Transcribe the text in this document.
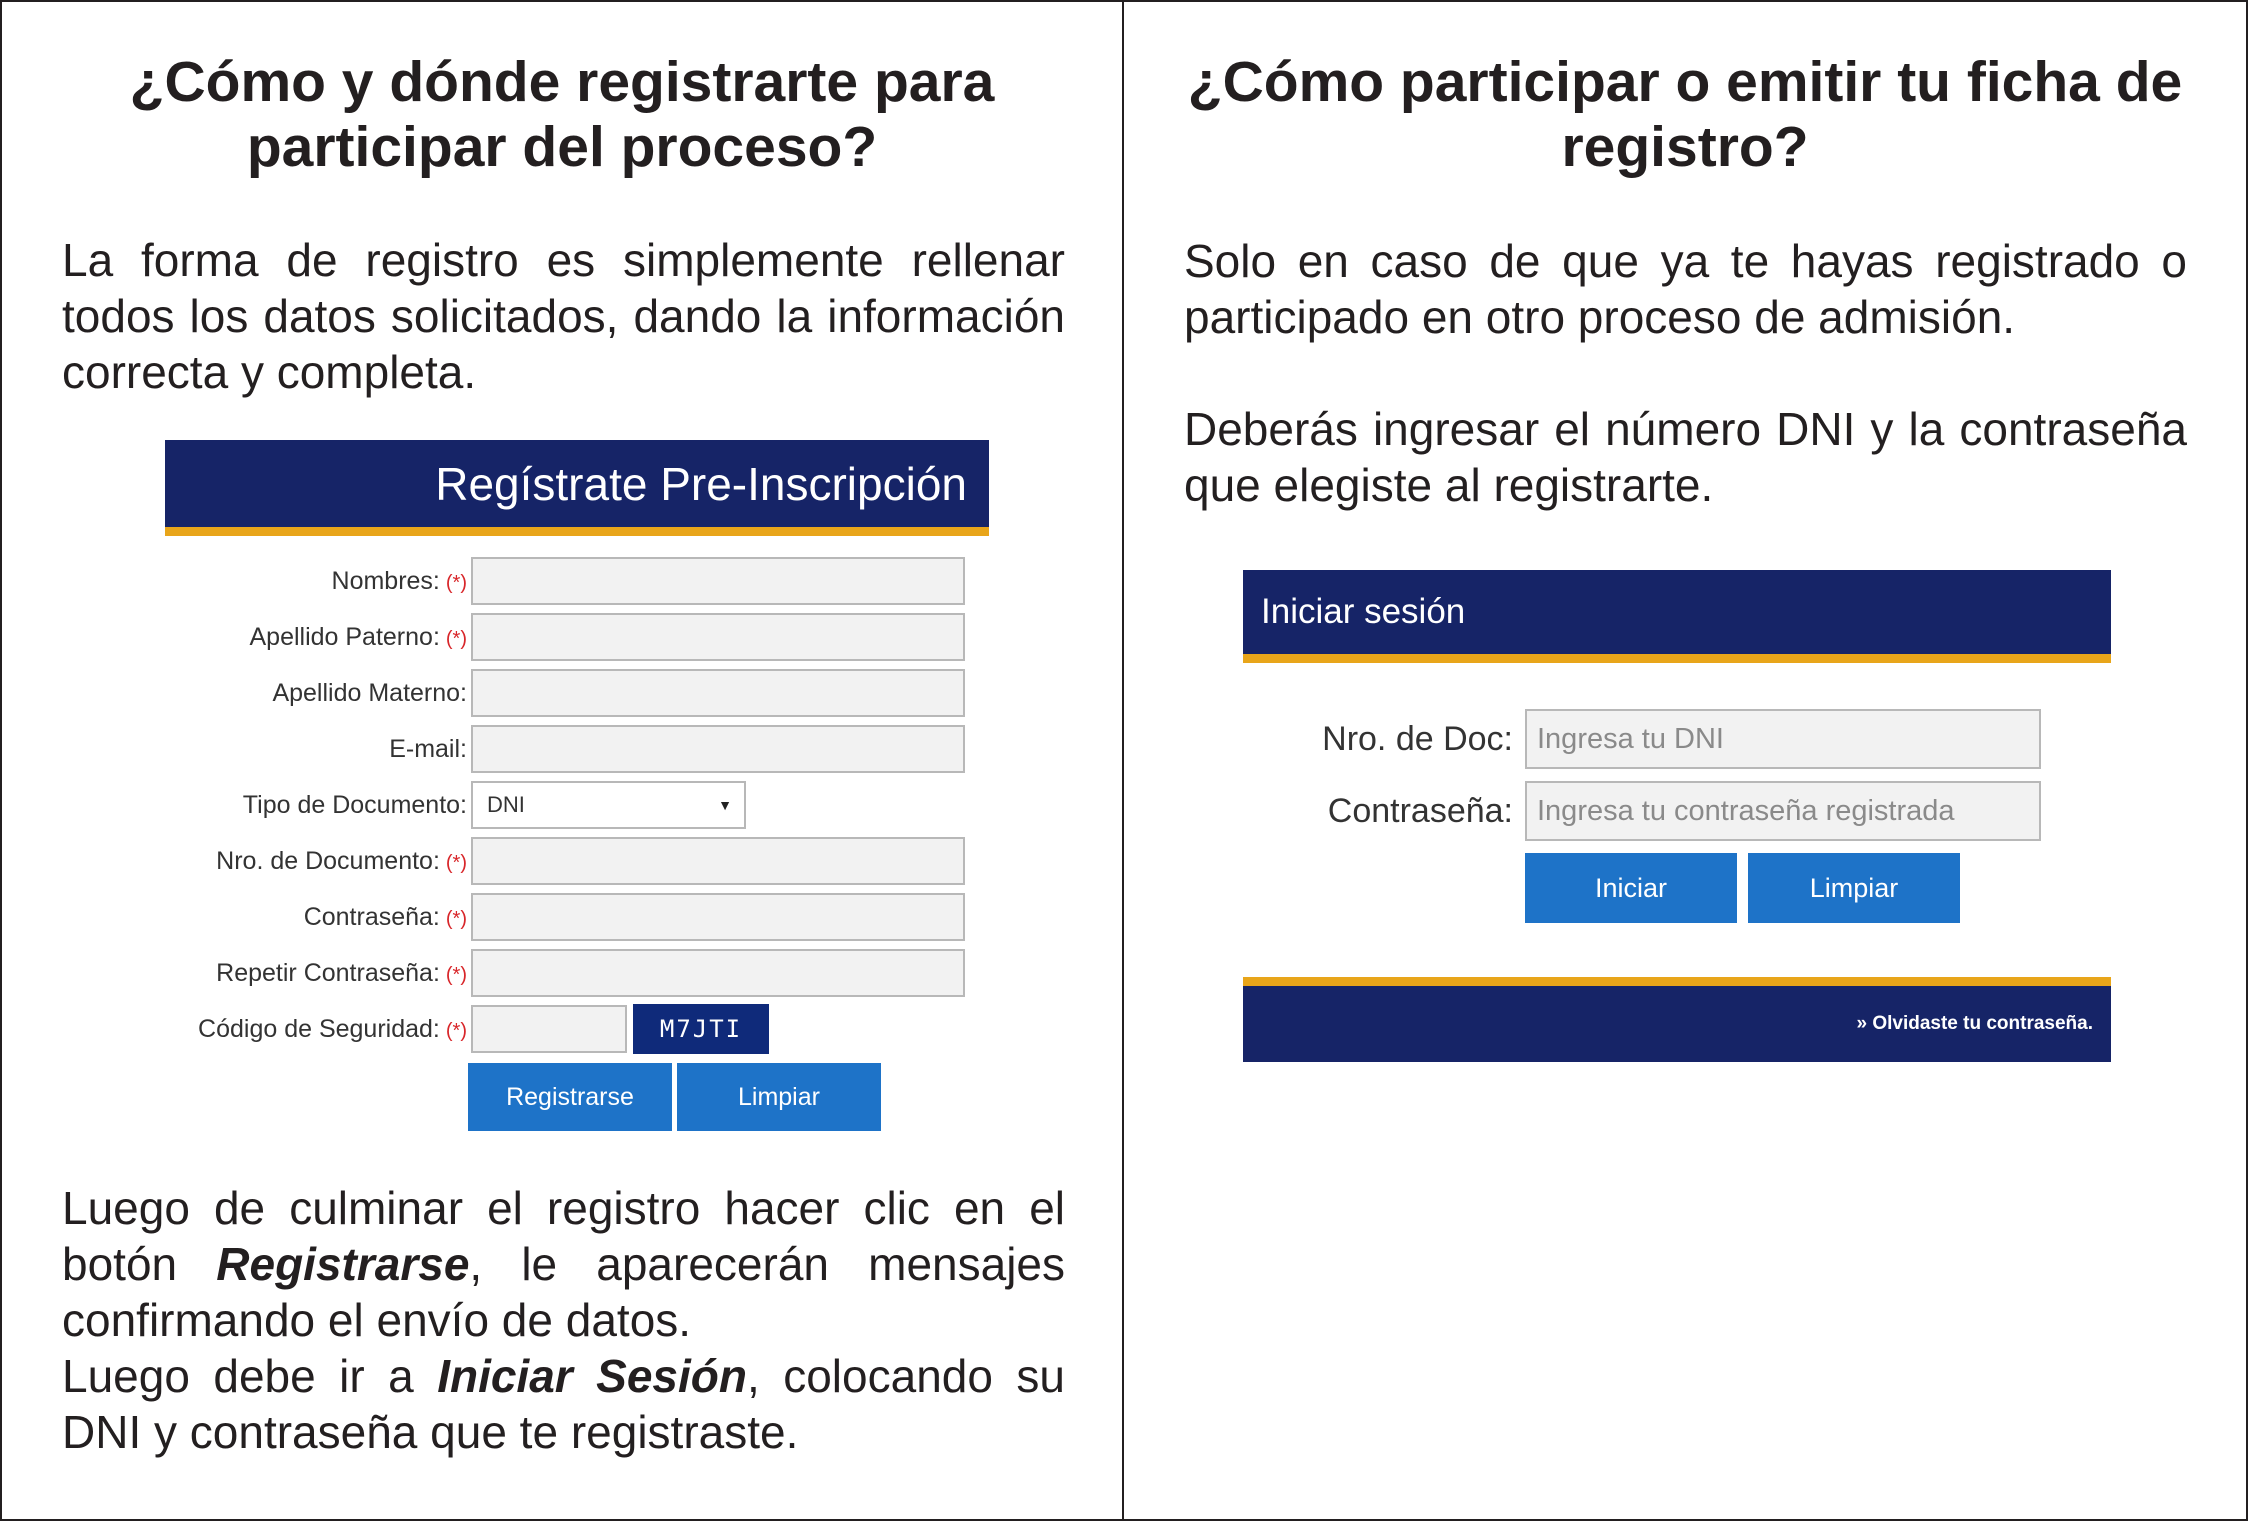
¿Cómo y dónde registrarte para participar del proceso?

La forma de registro es simplemente rellenar todos los datos solicitados, dando la información correcta y completa.

Regístrate Pre-Inscripción
Nombres: (*)
Apellido Paterno: (*)
Apellido Materno:
E-mail:
Tipo de Documento: DNI	▼
Nro. de Documento: (*)
Contraseña: (*)
Repetir Contraseña: (*)
Código de Seguridad: (*)	M7JTI
Registrarse	Limpiar

Luego de culminar el registro hacer clic en el botón Registrarse, le aparecerán mensajes confirmando el envío de datos.
Luego debe ir a Iniciar Sesión, colocando su DNI y contraseña que te registraste.

¿Cómo participar o emitir tu ficha de registro?

Solo en caso de que ya te hayas registrado o participado en otro proceso de admisión.

Deberás ingresar el número DNI y la contraseña que elegiste al registrarte.

Iniciar sesión
Nro. de Doc: Ingresa tu DNI
Contraseña: Ingresa tu contraseña registrada
Iniciar	Limpiar
» Olvidaste tu contraseña.
